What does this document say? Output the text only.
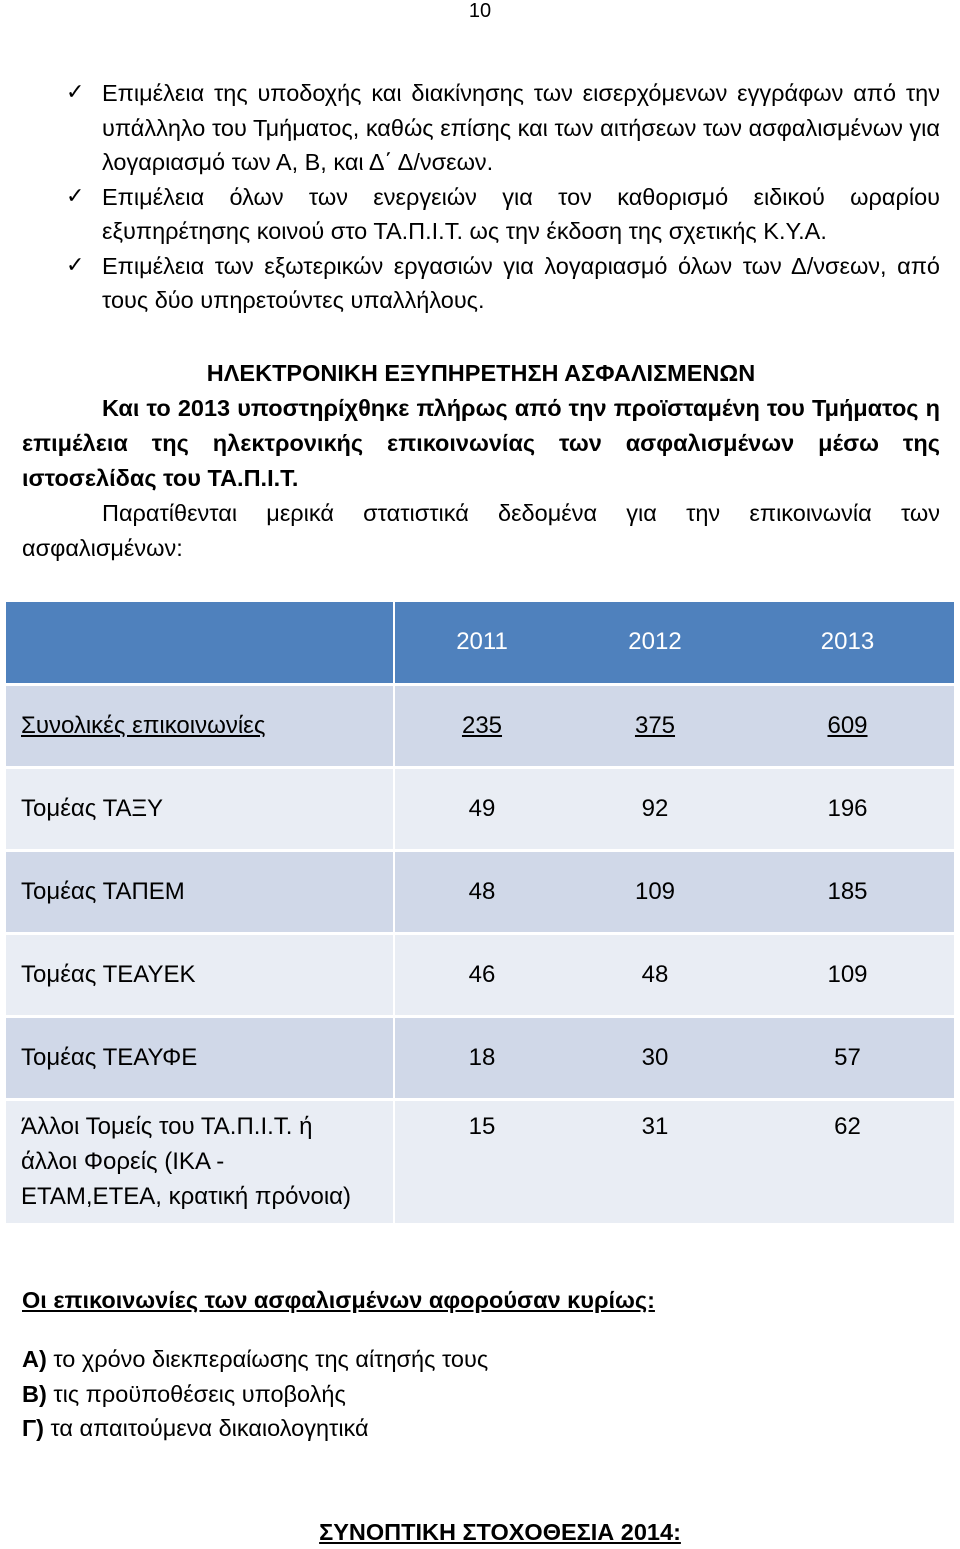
10
✓ Επιμέλεια της υποδοχής και διακίνησης των εισερχόμενων εγγράφων από την υπάλληλο του Τμήματος, καθώς επίσης και των αιτήσεων των ασφαλισμένων για λογαριασμό των Α, Β, και Δ΄ Δ/νσεων.
✓ Επιμέλεια όλων των ενεργειών για τον καθορισμό ειδικού ωραρίου εξυπηρέτησης κοινού στο ΤΑ.Π.Ι.Τ. ως την έκδοση της σχετικής Κ.Υ.Α.
✓ Επιμέλεια των εξωτερικών εργασιών για λογαριασμό όλων των Δ/νσεων, από τους δύο υπηρετούντες υπαλλήλους.
ΗΛΕΚΤΡΟΝΙΚΗ ΕΞΥΠΗΡΕΤΗΣΗ ΑΣΦΑΛΙΣΜΕΝΩΝ
Και το 2013 υποστηρίχθηκε πλήρως από την προϊσταμένη του Τμήματος η επιμέλεια της ηλεκτρονικής επικοινωνίας των ασφαλισμένων μέσω της ιστοσελίδας του ΤΑ.Π.Ι.Τ.
Παρατίθενται μερικά στατιστικά δεδομένα για την επικοινωνία των ασφαλισμένων:
	2011	2012	2013
Συνολικές επικοινωνίες	235	375	609
Τομέας ΤΑΞΥ	49	92	196
Τομέας ΤΑΠΕΜ	48	109	185
Τομέας ΤΕΑΥΕΚ	46	48	109
Τομέας ΤΕΑΥΦΕ	18	30	57

Άλλοι Τομείς του ΤΑ.Π.Ι.Τ. ή
άλλοι Φορείς (ΙΚΑ -
ΕΤΑΜ,ΕΤΕΑ, κρατική πρόνοια)	15	31	62
Οι επικοινωνίες των ασφαλισμένων αφορούσαν κυρίως:
Α) το χρόνο διεκπεραίωσης της αίτησής τους
Β) τις προϋποθέσεις υποβολής
Γ) τα απαιτούμενα δικαιολογητικά
ΣΥΝΟΠΤΙΚΗ ΣΤΟΧΟΘΕΣΙΑ 2014:
